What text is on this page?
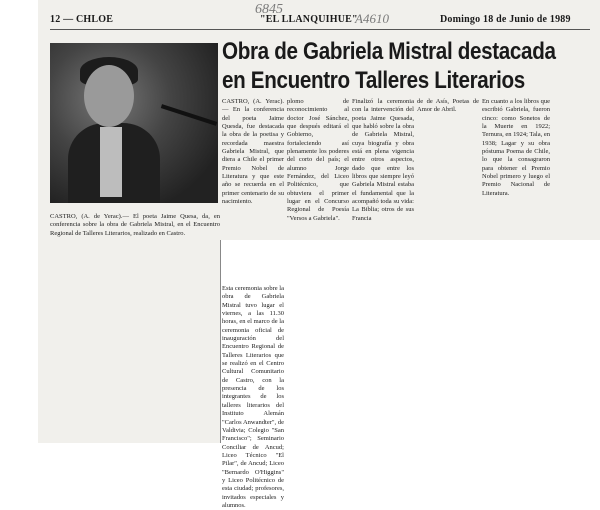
12 — CHLOE	"EL LLANQUIHUE"	Domingo 18 de Junio de 1989
6845
A4610
CASTRO, (A. de Yerac).— El poeta Jaime Quesa, da, en conferencia sobre la obra de Gabriela Mistral, en el Encuentro Regional de Talleres Literarios, realizado en Castro.
Obra de Gabriela Mistral destacada
en Encuentro Talleres Literarios
CASTRO, (A. Yerac).— En la conferencia del poeta Jaime Quesda, fue destacada la obra de la poetisa y recordada maestra Gabriela Mistral, que diera a Chile el primer Premio Nobel de Literatura y que este año se recuerda en el primer centenario de su nacimiento.
plomo de reconocimiento al doctor José Sánchez, que después editará el Gobierno, fortaleciendo así plenamente los poderes del corto del país; el alumno Jorge Fernández, del Liceo Politécnico, que obtuviera el primer lugar en el Concurso Regional de Poesía "Versos a Gabriela".
Finalizó la ceremonia con la intervención del poeta Jaime Quesada, que habló sobre la obra de Gabriela Mistral, cuya biografía y obra está en plena vigencia entre otros aspectos, dado que entre los libros que siempre leyó Gabriela Mistral estaba el fundamental que la acompañó toda su vida: La Biblia; otros de sus Francia
de de Asís, Poetas de Amor de Abril.
En cuanto a los libros que escribió Gabriela, fueron cinco: como Sonetos de la Muerte en 1922; Ternura, en 1924; Tala, en 1938; Lagar y su obra póstuma Poema de Chile, lo que la consagraron para obtener el Premio Nobel primero y luego el Premio Nacional de Literatura.
Esta ceremonia sobre la obra de Gabriela Mistral tuvo lugar el viernes, a las 11.30 horas, en el marco de la ceremonia oficial de inauguración del Encuentro Regional de Talleres Literarios que se realizó en el Centro Cultural Comunitario de Castro, con la presencia de los integrantes de los talleres literarios del Instituto Alemán "Carlos Anwandter", de Valdivia; Colegio "San Francisco"; Seminario Conciliar de Ancud; Liceo Técnico "El Pilar", de Ancud; Liceo "Bernardo O'Higgins" y Liceo Politécnico de esta ciudad; profesores, invitados especiales y alumnos.
